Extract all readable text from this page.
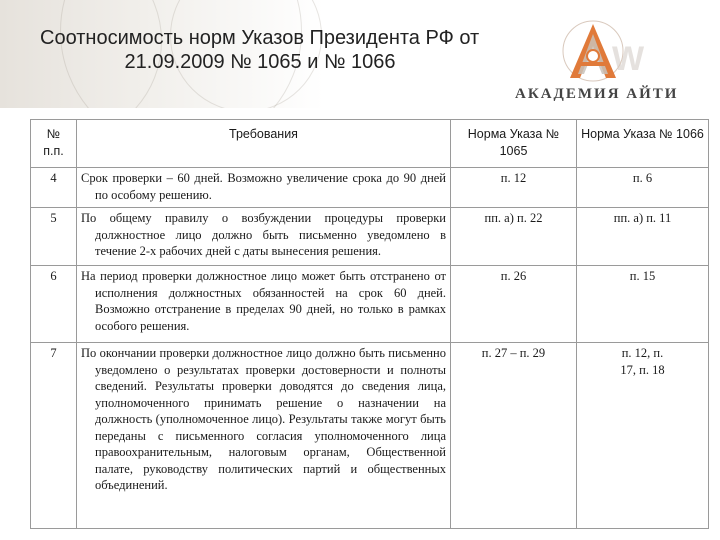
Соотносимость норм Указов Президента РФ от
21.09.2009 № 1065 и № 1066	W
АКАДЕМИЯ АЙТИ
№ п.п.	Требования	Норма Указа № 1065	Норма Указа № 1066
4	Срок проверки – 60 дней. Возможно увеличение срока до 90 дней по особому решению.	п. 12	п. 6
5	По общему правилу о возбуждении процедуры проверки должностное лицо должно быть письменно уведомлено в течение 2-х рабочих дней с даты вынесения решения.	пп. а) п. 22	пп. а) п. 11
6	На период проверки должностное лицо может быть отстранено от исполнения должностных обязанностей на срок 60 дней. Возможно отстранение в пределах 90 дней, но только в рамках особого решения.	п. 26	п. 15
7	По окончании проверки должностное лицо должно быть письменно уведомлено о результатах проверки достоверности и полноты сведений. Результаты проверки доводятся до сведения лица, уполномоченного принимать решение о назначении на должность (уполномоченное лицо). Результаты также могут быть переданы с письменного согласия уполномоченного лица правоохранительным, налоговым органам, Общественной палате, руководству политических партий и общественных объединений.	п. 27 – п. 29	п. 12, п. 17, п. 18
